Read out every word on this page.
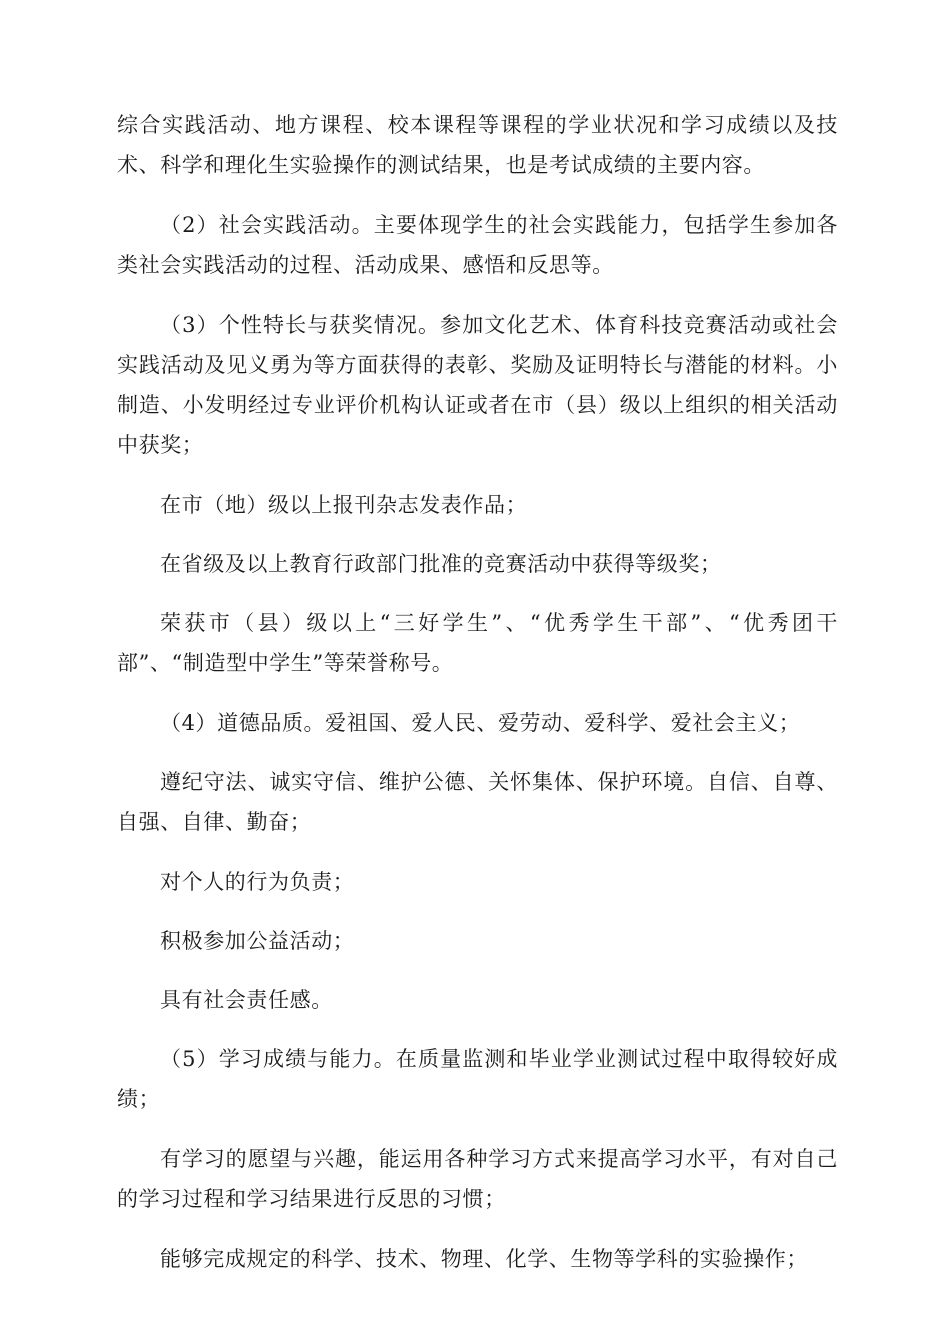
综合实践活动、地方课程、校本课程等课程的学业状况和学习成绩以及技术、科学和理化生实验操作的测试结果，也是考试成绩的主要内容。

（2）社会实践活动。主要体现学生的社会实践能力，包括学生参加各类社会实践活动的过程、活动成果、感悟和反思等。

（3）个性特长与获奖情况。参加文化艺术、体育科技竞赛活动或社会实践活动及见义勇为等方面获得的表彰、奖励及证明特长与潜能的材料。小制造、小发明经过专业评价机构认证或者在市（县）级以上组织的相关活动中获奖；

在市（地）级以上报刊杂志发表作品；

在省级及以上教育行政部门批准的竞赛活动中获得等级奖；

荣获市（县）级以上“三好学生”、“优秀学生干部”、“优秀团干部”、“制造型中学生”等荣誉称号。

（4）道德品质。爱祖国、爱人民、爱劳动、爱科学、爱社会主义；

遵纪守法、诚实守信、维护公德、关怀集体、保护环境。自信、自尊、自强、自律、勤奋；

对个人的行为负责；

积极参加公益活动；

具有社会责任感。

（5）学习成绩与能力。在质量监测和毕业学业测试过程中取得较好成绩；

有学习的愿望与兴趣，能运用各种学习方式来提高学习水平，有对自己的学习过程和学习结果进行反思的习惯；

能够完成规定的科学、技术、物理、化学、生物等学科的实验操作；
